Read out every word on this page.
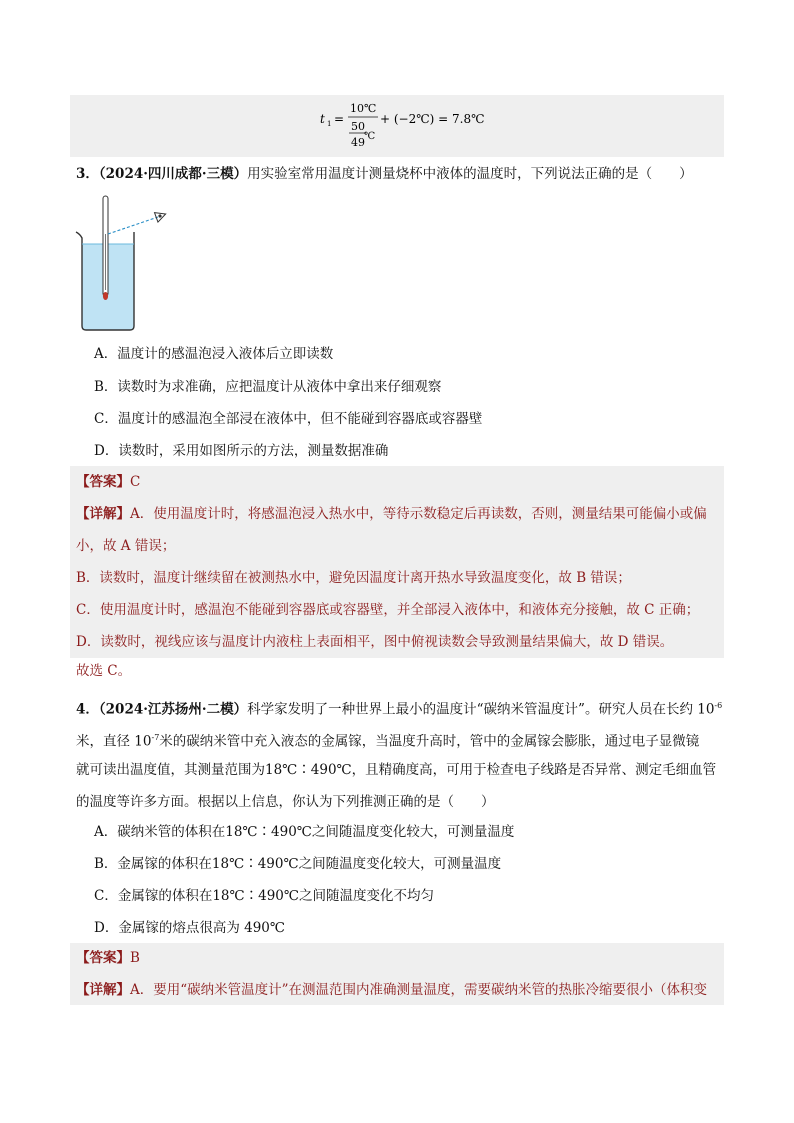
t 1 =
10℃
50
49 ℃
+ (−2℃) = 7.8℃
3．（2024·四川成都·三模）用实验室常用温度计测量烧杯中液体的温度时，下列说法正确的是（　　）
A．温度计的感温泡浸入液体后立即读数
B．读数时为求准确，应把温度计从液体中拿出来仔细观察
C．温度计的感温泡全部浸在液体中，但不能碰到容器底或容器壁
D．读数时，采用如图所示的方法，测量数据准确
【答案】C
【详解】A．使用温度计时，将感温泡浸入热水中，等待示数稳定后再读数，否则，测量结果可能偏小或偏
小，故 A 错误；
B．读数时，温度计继续留在被测热水中，避免因温度计离开热水导致温度变化，故 B 错误；
C．使用温度计时，感温泡不能碰到容器底或容器壁，并全部浸入液体中，和液体充分接触，故 C 正确；
D．读数时，视线应该与温度计内液柱上表面相平，图中俯视读数会导致测量结果偏大，故 D 错误。
故选 C。
4．（2024·江苏扬州·二模）科学家发明了一种世界上最小的温度计“碳纳米管温度计”。研究人员在长约 $10^{-6}$
米，直径 $10^{-7}$米的碳纳米管中充入液态的金属镓，当温度升高时，管中的金属镓会膨胀，通过电子显微镜
就可读出温度值，其测量范围为18℃∶490℃，且精确度高，可用于检查电子线路是否异常、测定毛细血管
的温度等许多方面。根据以上信息，你认为下列推测正确的是（　　）
A．碳纳米管的体积在18℃∶490℃之间随温度变化较大，可测量温度
B．金属镓的体积在18℃∶490℃之间随温度变化较大，可测量温度
C．金属镓的体积在18℃∶490℃之间随温度变化不均匀
D．金属镓的熔点很高为 490℃
【答案】B
【详解】A．要用“碳纳米管温度计”在测温范围内准确测量温度，需要碳纳米管的热胀冷缩要很小（体积变
